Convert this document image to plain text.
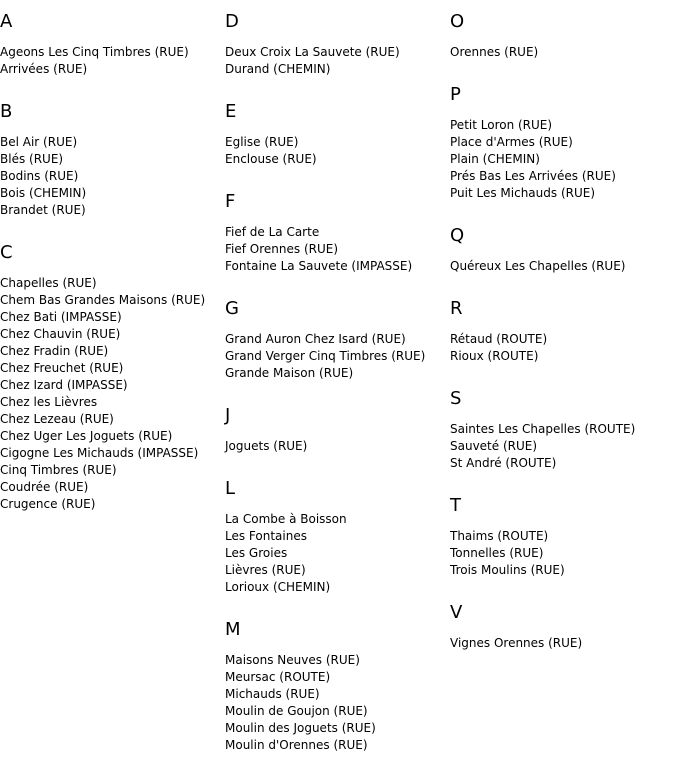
A
Ageons Les Cinq Timbres (RUE)
Arrivées (RUE)
B
Bel Air (RUE)
Blés (RUE)
Bodins (RUE)
Bois (CHEMIN)
Brandet (RUE)
C
Chapelles (RUE)
Chem Bas Grandes Maisons (RUE)
Chez Bati (IMPASSE)
Chez Chauvin (RUE)
Chez Fradin (RUE)
Chez Freuchet (RUE)
Chez Izard (IMPASSE)
Chez les Lièvres
Chez Lezeau (RUE)
Chez Uger Les Joguets (RUE)
Cigogne Les Michauds (IMPASSE)
Cinq Timbres (RUE)
Coudrée (RUE)
Crugence (RUE)
D
Deux Croix La Sauvete (RUE)
Durand (CHEMIN)
E
Eglise (RUE)
Enclouse (RUE)
F
Fief de La Carte
Fief Orennes (RUE)
Fontaine La Sauvete (IMPASSE)
G
Grand Auron Chez Isard (RUE)
Grand Verger Cinq Timbres (RUE)
Grande Maison (RUE)
J
Joguets (RUE)
L
La Combe à Boisson
Les Fontaines
Les Groies
Lièvres (RUE)
Lorioux (CHEMIN)
M
Maisons Neuves (RUE)
Meursac (ROUTE)
Michauds (RUE)
Moulin de Goujon (RUE)
Moulin des Joguets (RUE)
Moulin d'Orennes (RUE)
O
Orennes (RUE)
P
Petit Loron (RUE)
Place d'Armes (RUE)
Plain (CHEMIN)
Prés Bas Les Arrivées (RUE)
Puit Les Michauds (RUE)
Q
Quéreux Les Chapelles (RUE)
R
Rétaud (ROUTE)
Rioux (ROUTE)
S
Saintes Les Chapelles (ROUTE)
Sauveté (RUE)
St André (ROUTE)
T
Thaims (ROUTE)
Tonnelles (RUE)
Trois Moulins (RUE)
V
Vignes Orennes (RUE)
